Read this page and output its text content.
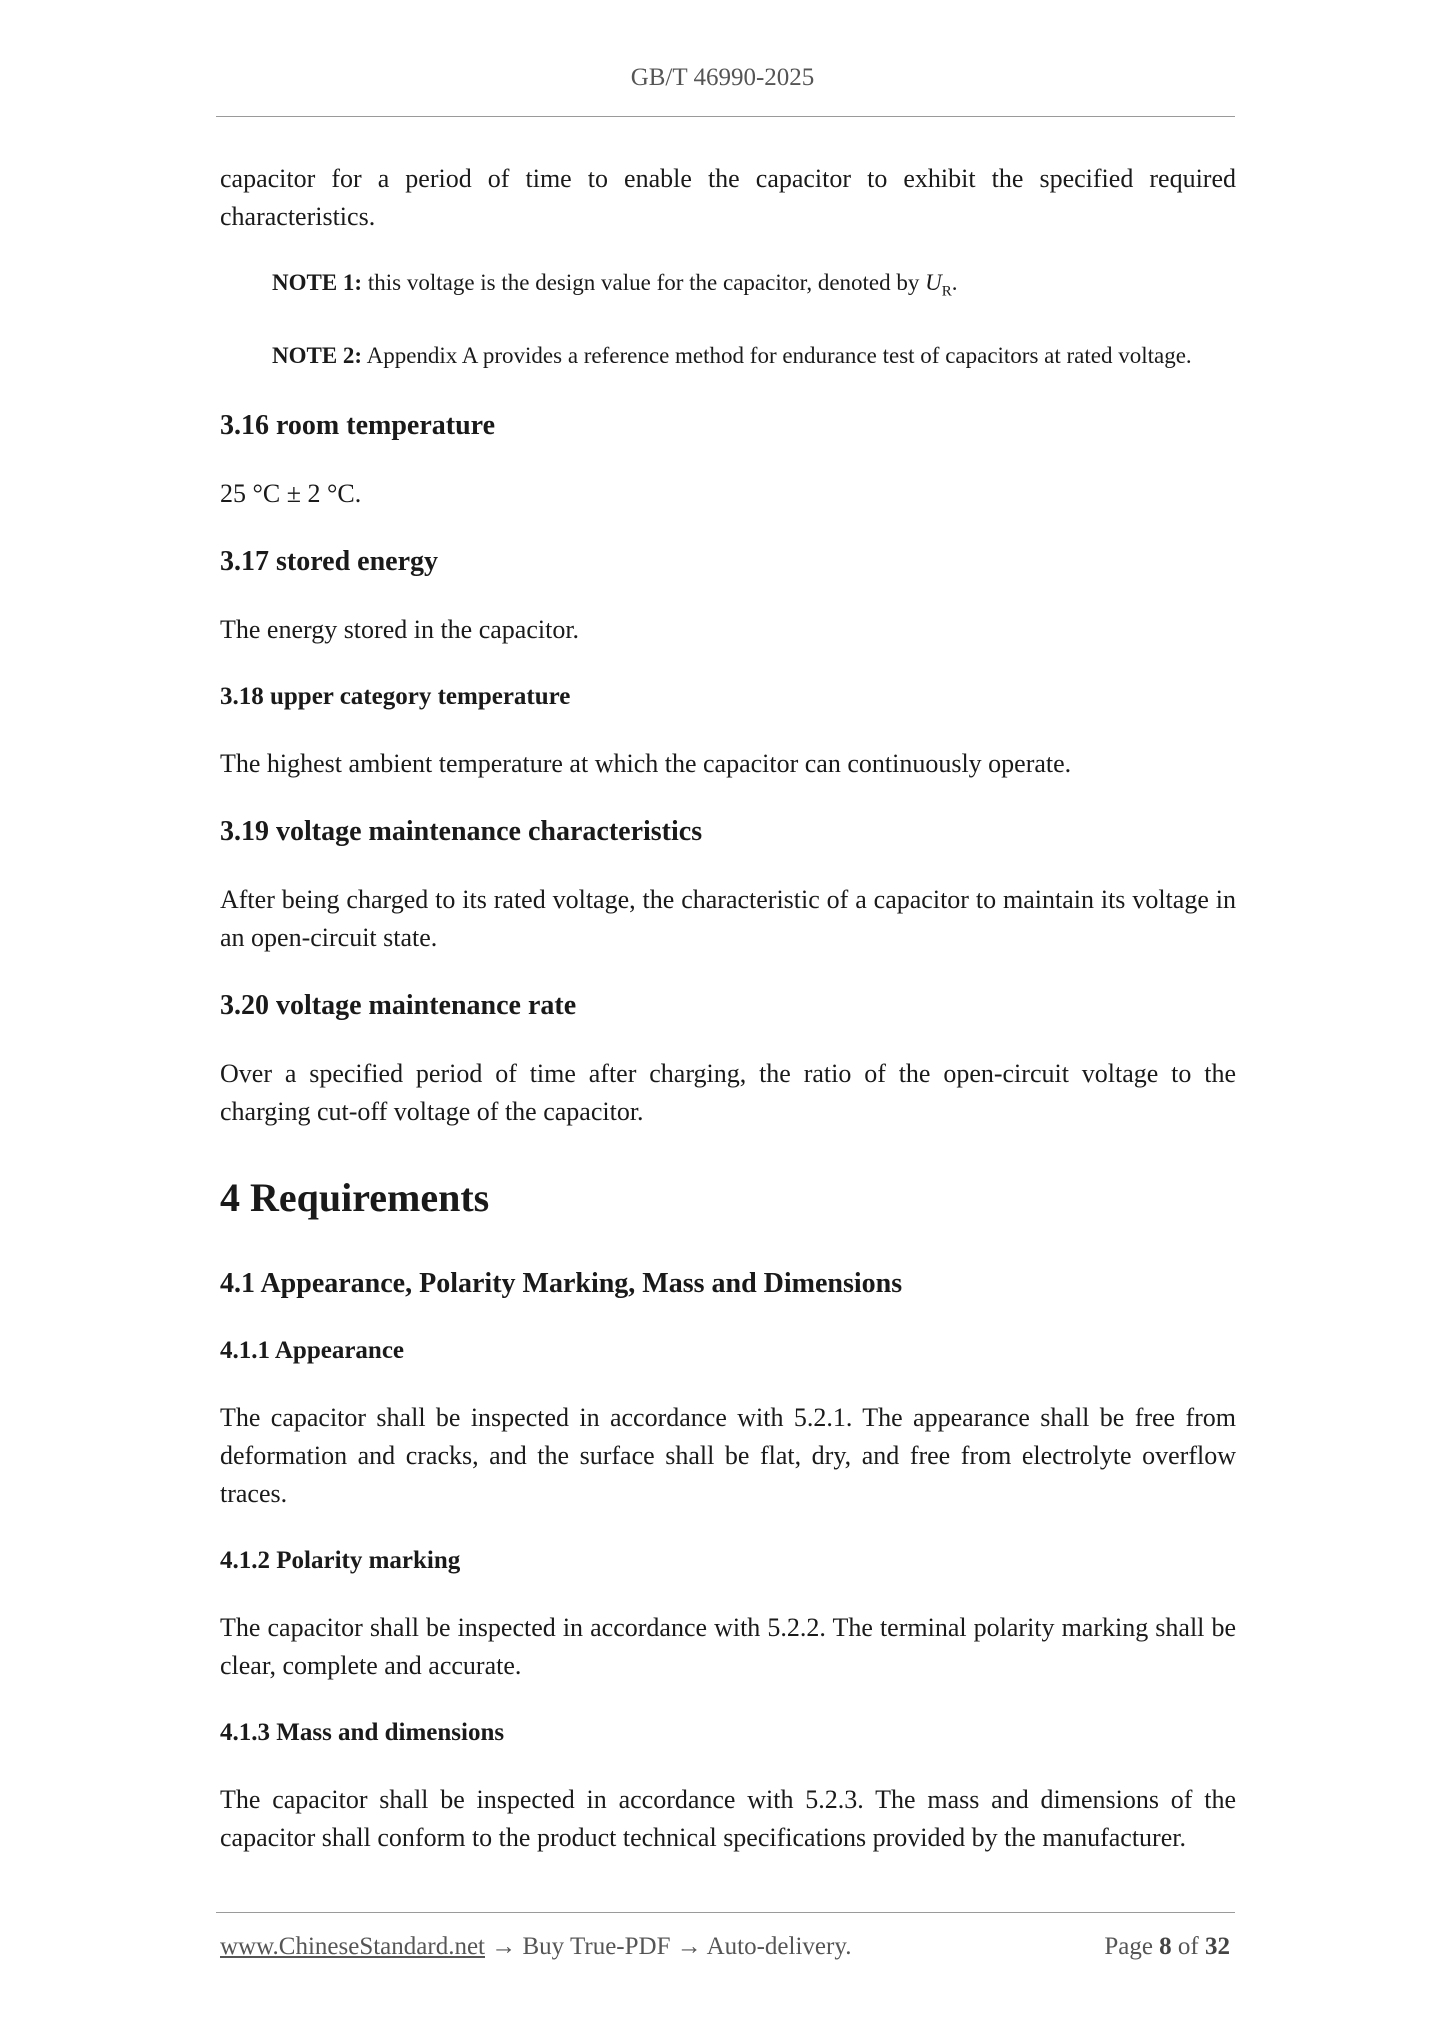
GB/T 46990-2025

capacitor for a period of time to enable the capacitor to exhibit the specified required characteristics.

NOTE 1: this voltage is the design value for the capacitor, denoted by $U_R$.

NOTE 2: Appendix A provides a reference method for endurance test of capacitors at rated voltage.

3.16 room temperature

25 °C ± 2 °C.

3.17 stored energy

The energy stored in the capacitor.

3.18 upper category temperature

The highest ambient temperature at which the capacitor can continuously operate.

3.19 voltage maintenance characteristics

After being charged to its rated voltage, the characteristic of a capacitor to maintain its voltage in an open-circuit state.

3.20 voltage maintenance rate

Over a specified period of time after charging, the ratio of the open-circuit voltage to the charging cut-off voltage of the capacitor.

4 Requirements
4.1 Appearance, Polarity Marking, Mass and Dimensions
4.1.1 Appearance

The capacitor shall be inspected in accordance with 5.2.1. The appearance shall be free from deformation and cracks, and the surface shall be flat, dry, and free from electrolyte overflow traces.

4.1.2 Polarity marking

The capacitor shall be inspected in accordance with 5.2.2. The terminal polarity marking shall be clear, complete and accurate.

4.1.3 Mass and dimensions

The capacitor shall be inspected in accordance with 5.2.3. The mass and dimensions of the capacitor shall conform to the product technical specifications provided by the manufacturer.

www.ChineseStandard.net → Buy True-PDF → Auto-delivery.	Page 8 of 32
